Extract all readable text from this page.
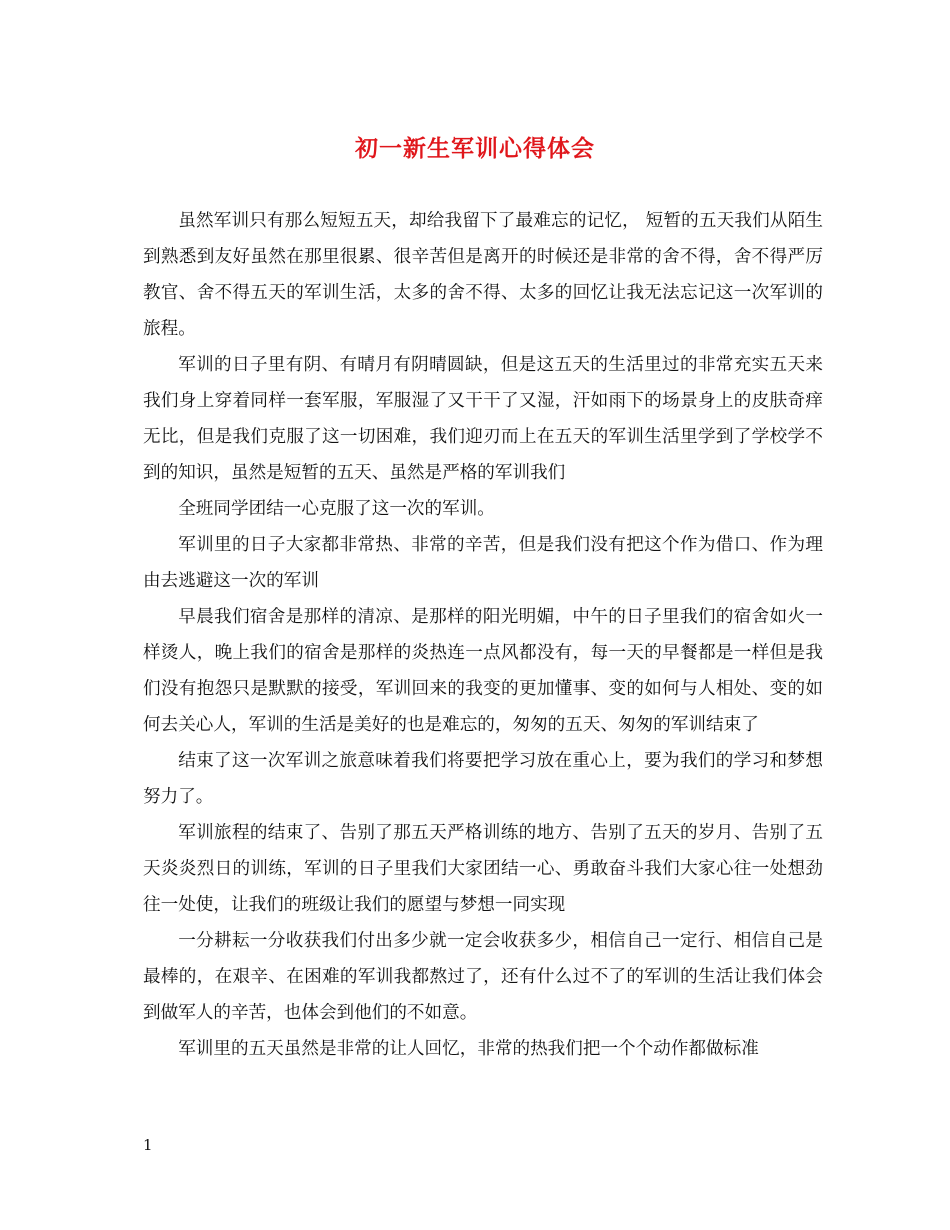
初一新生军训心得体会

虽然军训只有那么短短五天，却给我留下了最难忘的记忆， 短暂的五天我们从陌生到熟悉到友好虽然在那里很累、很辛苦但是离开的时候还是非常的舍不得，舍不得严厉教官、舍不得五天的军训生活，太多的舍不得、太多的回忆让我无法忘记这一次军训的旅程。

军训的日子里有阴、有晴月有阴晴圆缺，但是这五天的生活里过的非常充实五天来我们身上穿着同样一套军服，军服湿了又干干了又湿，汗如雨下的场景身上的皮肤奇痒无比，但是我们克服了这一切困难，我们迎刃而上在五天的军训生活里学到了学校学不到的知识，虽然是短暂的五天、虽然是严格的军训我们

全班同学团结一心克服了这一次的军训。

军训里的日子大家都非常热、非常的辛苦，但是我们没有把这个作为借口、作为理由去逃避这一次的军训

早晨我们宿舍是那样的清凉、是那样的阳光明媚，中午的日子里我们的宿舍如火一样烫人，晚上我们的宿舍是那样的炎热连一点风都没有，每一天的早餐都是一样但是我们没有抱怨只是默默的接受，军训回来的我变的更加懂事、变的如何与人相处、变的如何去关心人，军训的生活是美好的也是难忘的，匆匆的五天、匆匆的军训结束了

结束了这一次军训之旅意味着我们将要把学习放在重心上，要为我们的学习和梦想努力了。

军训旅程的结束了、告别了那五天严格训练的地方、告别了五天的岁月、告别了五天炎炎烈日的训练，军训的日子里我们大家团结一心、勇敢奋斗我们大家心往一处想劲往一处使，让我们的班级让我们的愿望与梦想一同实现

一分耕耘一分收获我们付出多少就一定会收获多少，相信自己一定行、相信自己是最棒的，在艰辛、在困难的军训我都熬过了，还有什么过不了的军训的生活让我们体会到做军人的辛苦，也体会到他们的不如意。

军训里的五天虽然是非常的让人回忆，非常的热我们把一个个动作都做标准

1
